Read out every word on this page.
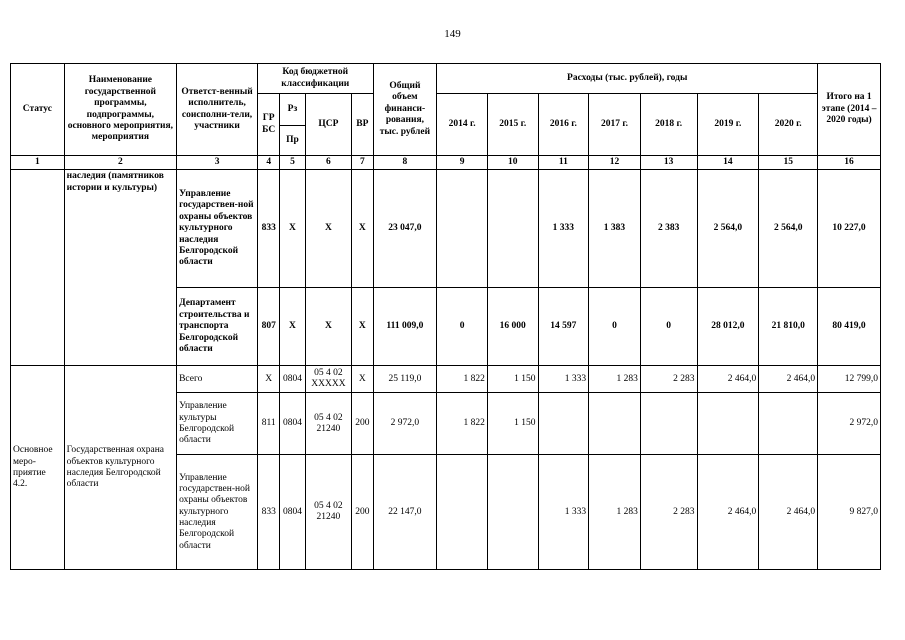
149
Статус	Наименование государственной программы, подпрограммы, основного мероприятия, мероприятия	Ответст-венный исполнитель, соисполни-тели, участники	Код бюджетной классификации				Общий объем финанси-рования, тыс. рублей	Расходы (тыс. рублей), годы							Итого на 1 этапе (2014 – 2020 годы)
			ГР БС	Рз	ЦСР	ВР		2014 г.	2015 г.	2016 г.	2017 г.	2018 г.	2019 г.	2020 г.	
				Пр											
1	2	3	4	5	6	7	8	9	10	11	12	13	14	15	16
	наследия (памятников истории и культуры)	Управление государствен-ной охраны объектов культурного наследия Белгородской области	833	X	X	X	23 047,0			1 333	1 383	2 383	2 564,0	2 564,0	10 227,0
		Департамент строительства и транспорта Белгородской области	807	X	X	X	111 009,0	0	16 000	14 597	0	0	28 012,0	21 810,0	80 419,0
Основное меро-приятие 4.2.	Государственная охрана объектов культурного наследия Белгородской области	Всего	X	0804	05 4 02 XXXXX	X	25 119,0	1 822	1 150	1 333	1 283	2 283	2 464,0	2 464,0	12 799,0
		Управление культуры Белгородской области	811	0804	05 4 02 21240	200	2 972,0	1 822	1 150						2 972,0
		Управление государствен-ной охраны объектов культурного наследия Белгородской области	833	0804	05 4 02 21240	200	22 147,0			1 333	1 283	2 283	2 464,0	2 464,0	9 827,0
